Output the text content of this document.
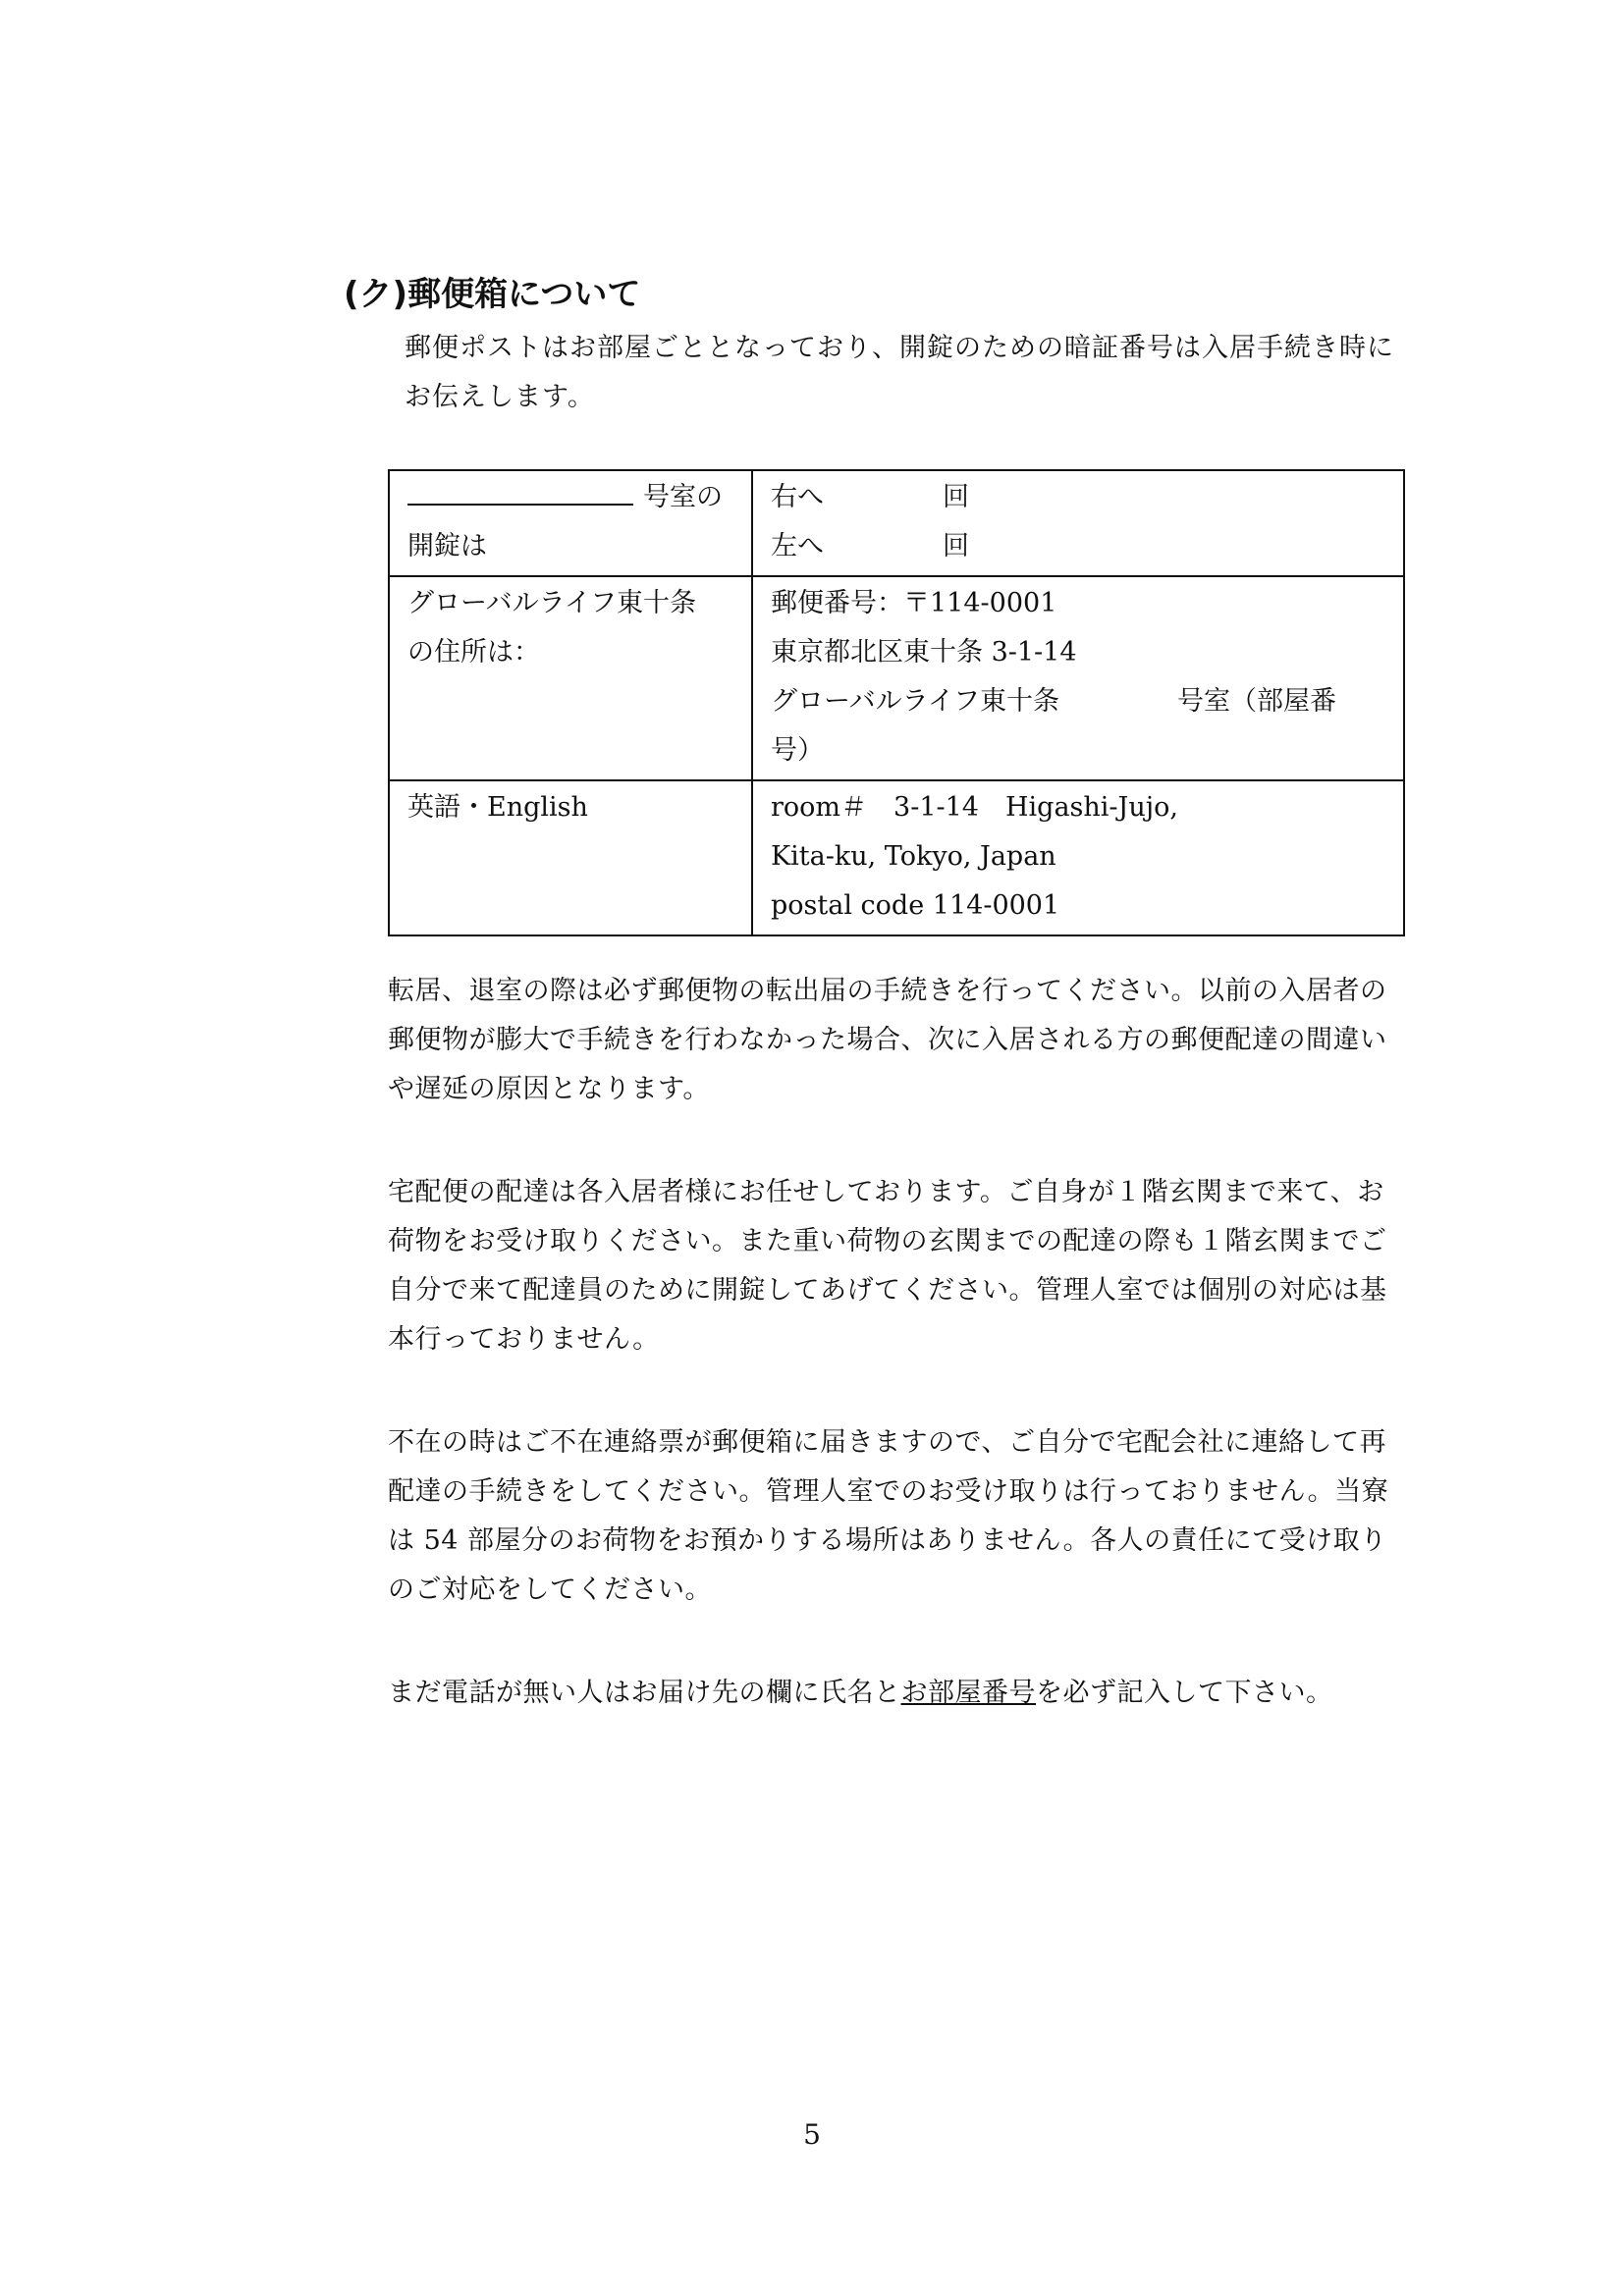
(ク)郵便箱について
郵便ポストはお部屋ごととなっており、開錠のための暗証番号は入居手続き時にお伝えします。
号室の
開錠は	右へ 回
左へ 回

グローバルライフ東十条
の住所は：	郵便番号：〒114-0001
東京都北区東十条 3-1-14
グローバルライフ東十条 号室（部屋番
号）

英語・English	room＃　3-1-14　Higashi-Jujo,
Kita-ku, Tokyo, Japan
postal code 114-0001
転居、退室の際は必ず郵便物の転出届の手続きを行ってください。以前の入居者の郵便物が膨大で手続きを行わなかった場合、次に入居される方の郵便配達の間違いや遅延の原因となります。
宅配便の配達は各入居者様にお任せしております。ご自身が１階玄関まで来て、お荷物をお受け取りください。また重い荷物の玄関までの配達の際も１階玄関までご自分で来て配達員のために開錠してあげてください。管理人室では個別の対応は基本行っておりません。
不在の時はご不在連絡票が郵便箱に届きますので、ご自分で宅配会社に連絡して再配達の手続きをしてください。管理人室でのお受け取りは行っておりません。当寮は 54 部屋分のお荷物をお預かりする場所はありません。各人の責任にて受け取りのご対応をしてください。
まだ電話が無い人はお届け先の欄に氏名とお部屋番号を必ず記入して下さい。
5
